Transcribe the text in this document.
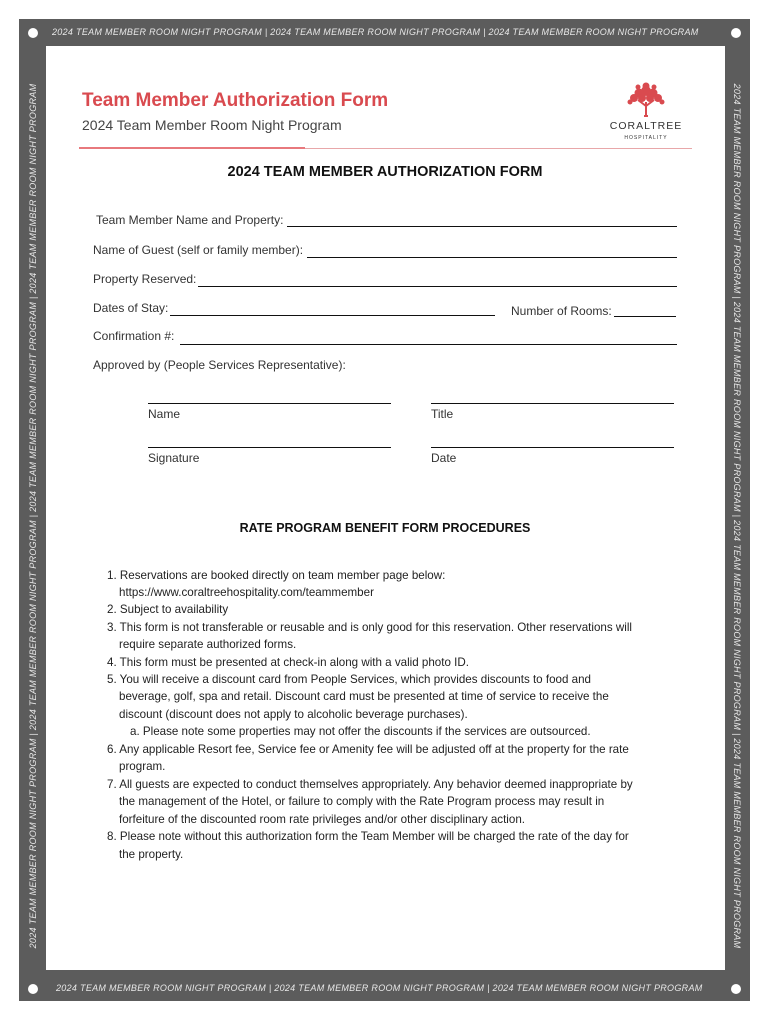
2024 TEAM MEMBER ROOM NIGHT PROGRAM | 2024 TEAM MEMBER ROOM NIGHT PROGRAM | 2024 TEAM MEMBER ROOM NIGHT PROGRAM
2024 TEAM MEMBER ROOM NIGHT PROGRAM | 2024 TEAM MEMBER ROOM NIGHT PROGRAM | 2024 TEAM MEMBER ROOM NIGHT PROGRAM
2024 TEAM MEMBER ROOM NIGHT PROGRAM | 2024 TEAM MEMBER ROOM NIGHT PROGRAM | 2024 TEAM MEMBER ROOM NIGHT PROGRAM | 2024 TEAM MEMBER ROOM NIGHT PROGRAM	2024 TEAM MEMBER ROOM NIGHT PROGRAM | 2024 TEAM MEMBER ROOM NIGHT PROGRAM | 2024 TEAM MEMBER ROOM NIGHT PROGRAM | 2024 TEAM MEMBER ROOM NIGHT PROGRAM
Team Member Authorization Form
2024 Team Member Room Night Program	CORALTREE
HOSPITALITY
2024 TEAM MEMBER AUTHORIZATION FORM
Team Member Name and Property:
Name of Guest (self or family member):
Property Reserved:
Dates of Stay:	Number of Rooms:
Confirmation #:
Approved by (People Services Representative):
Name	Title
Signature	Date
RATE PROGRAM BENEFIT FORM PROCEDURES
1. Reservations are booked directly on team member page below:
https://www.coraltreehospitality.com/teammember
2. Subject to availability
3. This form is not transferable or reusable and is only good for this reservation. Other reservations will
require separate authorized forms.
4. This form must be presented at check-in along with a valid photo ID.
5. You will receive a discount card from People Services, which provides discounts to food and
beverage, golf, spa and retail. Discount card must be presented at time of service to receive the
discount (discount does not apply to alcoholic beverage purchases).
a. Please note some properties may not offer the discounts if the services are outsourced.
6. Any applicable Resort fee, Service fee or Amenity fee will be adjusted off at the property for the rate
program.
7. All guests are expected to conduct themselves appropriately. Any behavior deemed inappropriate by
the management of the Hotel, or failure to comply with the Rate Program process may result in
forfeiture of the discounted room rate privileges and/or other disciplinary action.
8. Please note without this authorization form the Team Member will be charged the rate of the day for
the property.
